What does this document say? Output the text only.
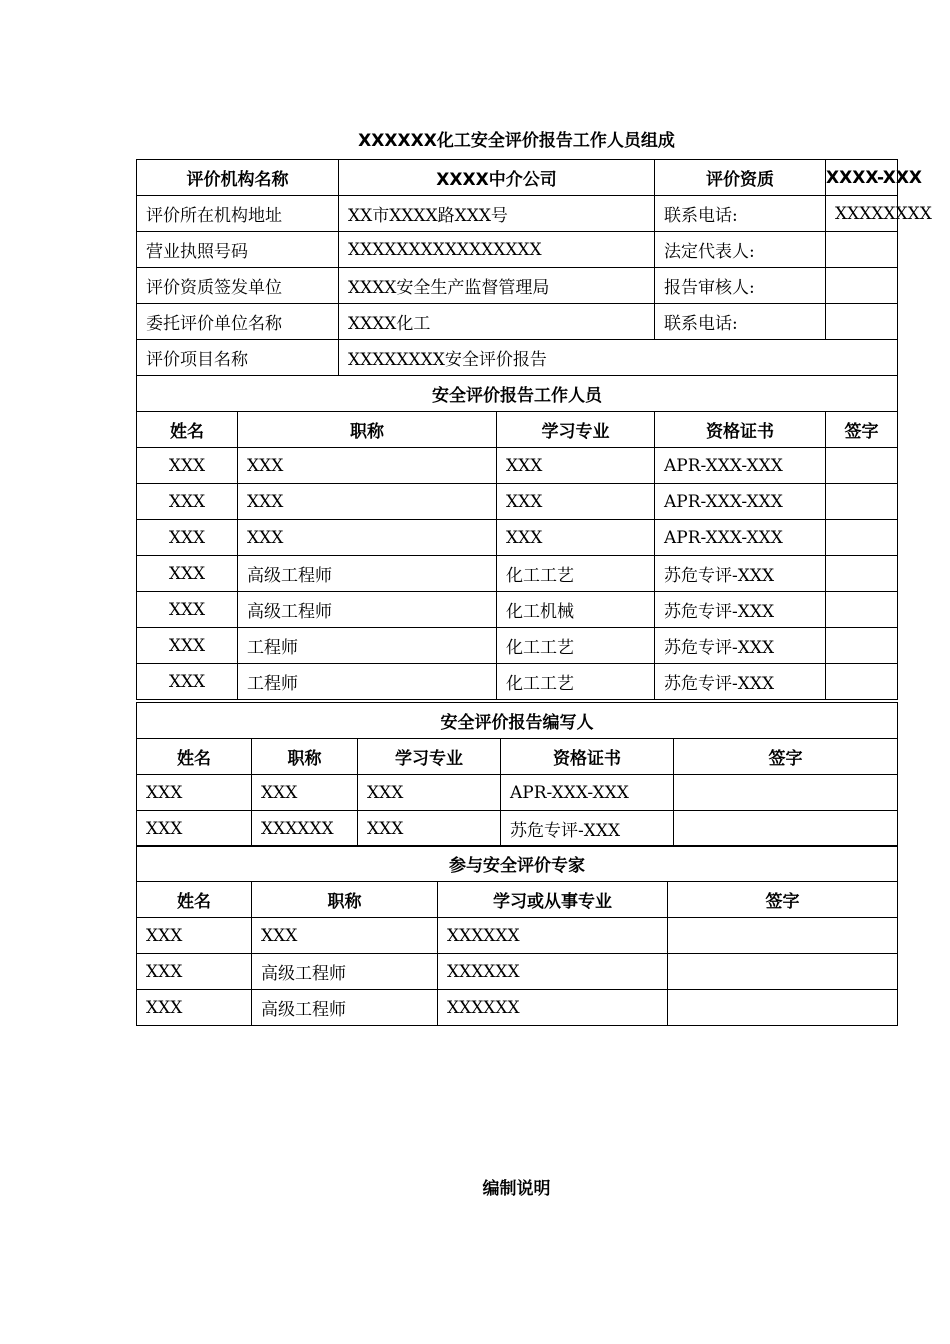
XXXXXX化工安全评价报告工作人员组成
评价机构名称		XXXX中介公司		评价资质	XXXX-XXX
评价所在机构地址		XX市XXXX路XXX号		联系电话:	XXXXXXXX
营业执照号码		XXXXXXXXXXXXXXXX		法定代表人:	
评价资质签发单位		XXXX安全生产监督管理局		报告审核人:	
委托评价单位名称		XXXX化工		联系电话:	
评价项目名称		XXXXXXXX安全评价报告			
安全评价报告工作人员					
姓名	职称		学习专业	资格证书	签字
XXX	XXX		XXX	APR-XXX-XXX	
XXX	XXX		XXX	APR-XXX-XXX	
XXX	XXX		XXX	APR-XXX-XXX	
XXX	高级工程师		化工工艺	苏危专评-XXX	
XXX	高级工程师		化工机械	苏危专评-XXX	
XXX	工程师		化工工艺	苏危专评-XXX	
XXX	工程师		化工工艺	苏危专评-XXX	
安全评价报告编写人				
姓名	职称	学习专业	资格证书	签字
XXX	XXX	XXX	APR-XXX-XXX	
XXX	XXXXXX	XXX	苏危专评-XXX	
参与安全评价专家			
姓名	职称	学习或从事专业	签字
XXX	XXX	XXXXXX	
XXX	高级工程师	XXXXXX	
XXX	高级工程师	XXXXXX	
编制说明
